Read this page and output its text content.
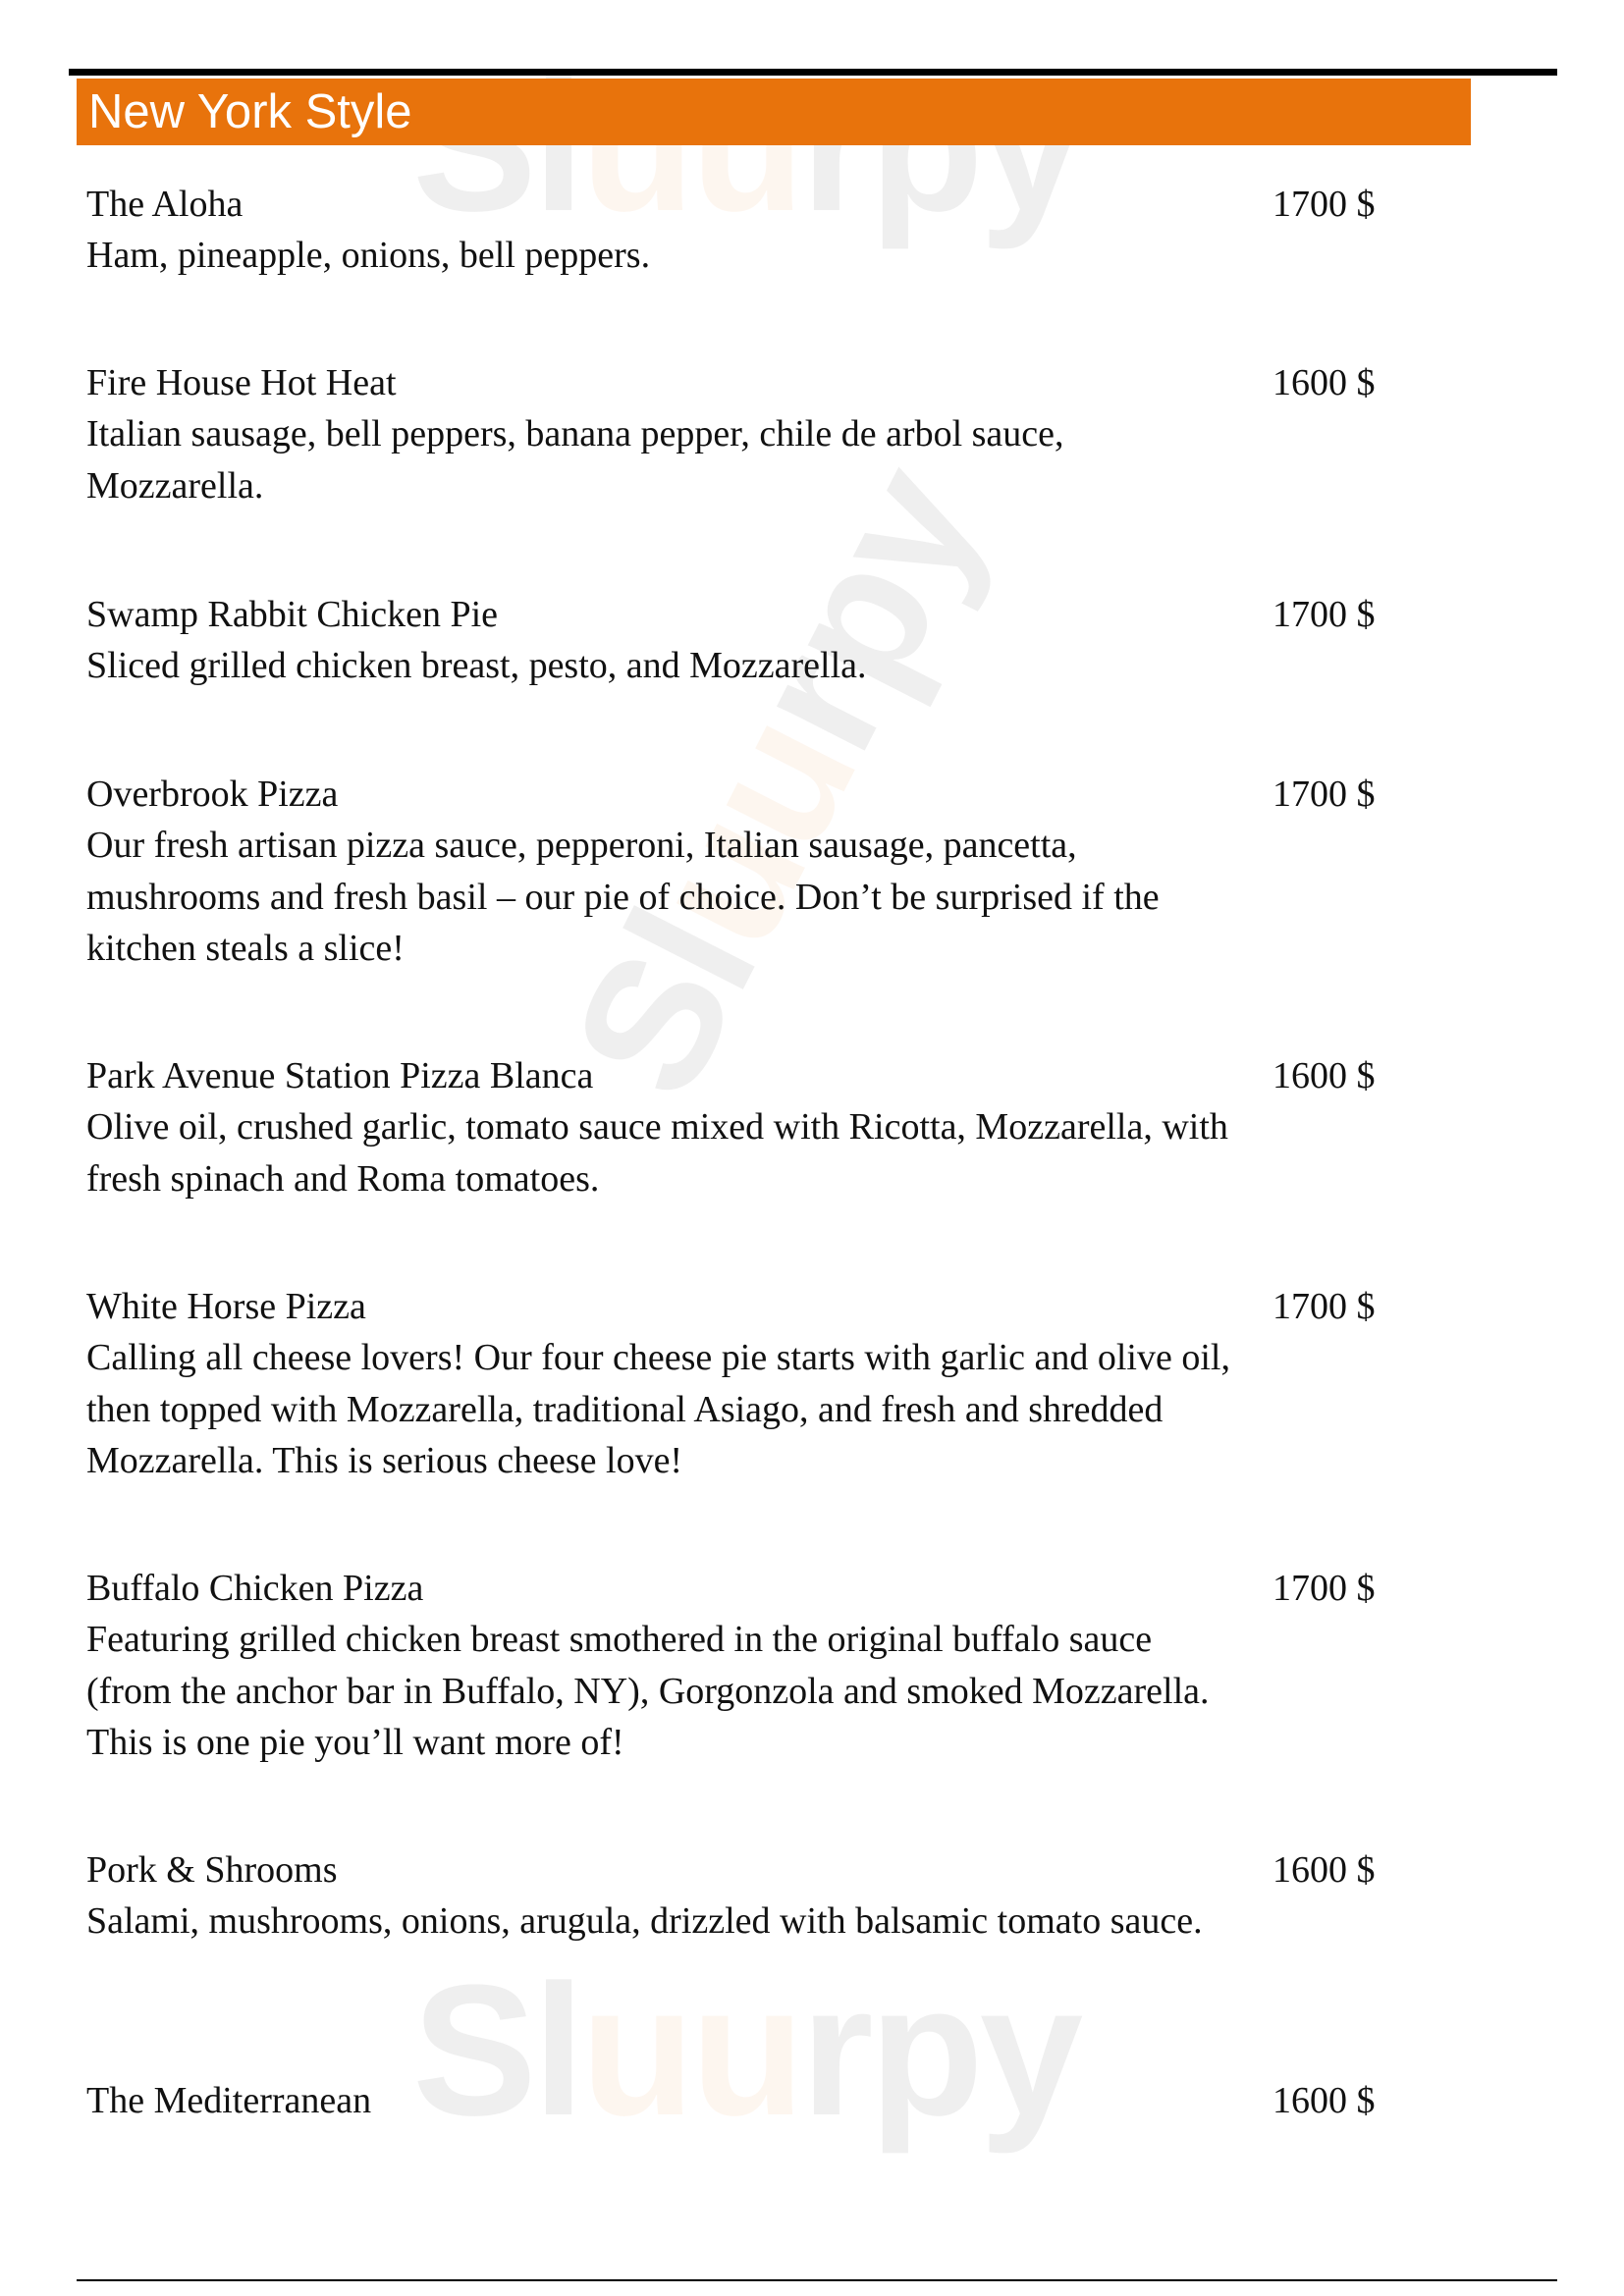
Sluurpy
Sluurpy
Sluurpy
New York Style
The Aloha	1700 $
Ham, pineapple, onions, bell peppers.
Fire House Hot Heat	1600 $
Italian sausage, bell peppers, banana pepper, chile de arbol sauce, Mozzarella.
Swamp Rabbit Chicken Pie	1700 $
Sliced grilled chicken breast, pesto, and Mozzarella.
Overbrook Pizza	1700 $
Our fresh artisan pizza sauce, pepperoni, Italian sausage, pancetta, mushrooms and fresh basil – our pie of choice. Don’t be surprised if the kitchen steals a slice!
Park Avenue Station Pizza Blanca	1600 $
Olive oil, crushed garlic, tomato sauce mixed with Ricotta, Mozzarella, with fresh spinach and Roma tomatoes.
White Horse Pizza	1700 $
Calling all cheese lovers! Our four cheese pie starts with garlic and olive oil, then topped with Mozzarella, traditional Asiago, and fresh and shredded Mozzarella. This is serious cheese love!
Buffalo Chicken Pizza	1700 $
Featuring grilled chicken breast smothered in the original buffalo sauce (from the anchor bar in Buffalo, NY), Gorgonzola and smoked Mozzarella. This is one pie you’ll want more of!
Pork & Shrooms	1600 $
Salami, mushrooms, onions, arugula, drizzled with balsamic tomato sauce.
The Mediterranean	1600 $
